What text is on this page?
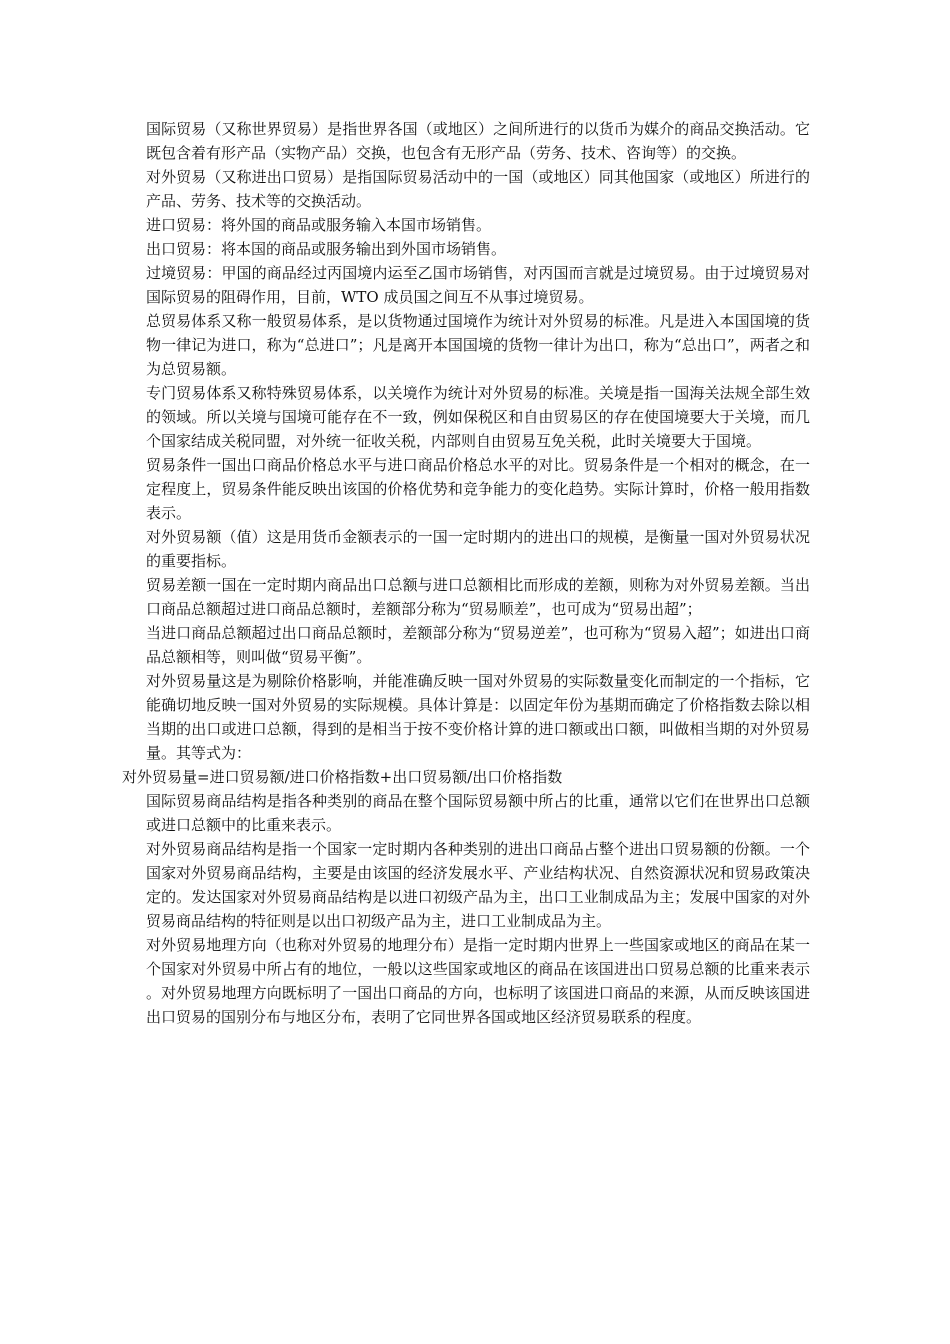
国际贸易（又称世界贸易）是指世界各国（或地区）之间所进行的以货币为媒介的商品交换活动。它既包含着有形产品（实物产品）交换，也包含有无形产品（劳务、技术、咨询等）的交换。

对外贸易（又称进出口贸易）是指国际贸易活动中的一国（或地区）同其他国家（或地区）所进行的产品、劳务、技术等的交换活动。

进口贸易：将外国的商品或服务输入本国市场销售。

出口贸易：将本国的商品或服务输出到外国市场销售。

过境贸易：甲国的商品经过丙国境内运至乙国市场销售，对丙国而言就是过境贸易。由于过境贸易对国际贸易的阻碍作用，目前，WTO 成员国之间互不从事过境贸易。

总贸易体系又称一般贸易体系，是以货物通过国境作为统计对外贸易的标准。凡是进入本国国境的货物一律记为进口，称为“总进口”；凡是离开本国国境的货物一律计为出口，称为“总出口”，两者之和为总贸易额。

专门贸易体系又称特殊贸易体系，以关境作为统计对外贸易的标准。关境是指一国海关法规全部生效的领域。所以关境与国境可能存在不一致，例如保税区和自由贸易区的存在使国境要大于关境，而几个国家结成关税同盟，对外统一征收关税，内部则自由贸易互免关税，此时关境要大于国境。

贸易条件一国出口商品价格总水平与进口商品价格总水平的对比。贸易条件是一个相对的概念，在一定程度上，贸易条件能反映出该国的价格优势和竞争能力的变化趋势。实际计算时，价格一般用指数表示。

对外贸易额（值）这是用货币金额表示的一国一定时期内的进出口的规模，是衡量一国对外贸易状况的重要指标。

贸易差额一国在一定时期内商品出口总额与进口总额相比而形成的差额，则称为对外贸易差额。当出口商品总额超过进口商品总额时，差额部分称为“贸易顺差”，也可成为“贸易出超”；

当进口商品总额超过出口商品总额时，差额部分称为“贸易逆差”，也可称为“贸易入超”；如进出口商品总额相等，则叫做“贸易平衡”。

对外贸易量这是为剔除价格影响，并能准确反映一国对外贸易的实际数量变化而制定的一个指标，它能确切地反映一国对外贸易的实际规模。具体计算是：以固定年份为基期而确定了价格指数去除以相当期的出口或进口总额，得到的是相当于按不变价格计算的进口额或出口额，叫做相当期的对外贸易量。其等式为：

对外贸易量=进口贸易额/进口价格指数+出口贸易额/出口价格指数

国际贸易商品结构是指各种类别的商品在整个国际贸易额中所占的比重，通常以它们在世界出口总额或进口总额中的比重来表示。

对外贸易商品结构是指一个国家一定时期内各种类别的进出口商品占整个进出口贸易额的份额。一个国家对外贸易商品结构，主要是由该国的经济发展水平、产业结构状况、自然资源状况和贸易政策决定的。发达国家对外贸易商品结构是以进口初级产品为主，出口工业制成品为主；发展中国家的对外贸易商品结构的特征则是以出口初级产品为主，进口工业制成品为主。

对外贸易地理方向（也称对外贸易的地理分布）是指一定时期内世界上一些国家或地区的商品在某一个国家对外贸易中所占有的地位，一般以这些国家或地区的商品在该国进出口贸易总额的比重来表示 。对外贸易地理方向既标明了一国出口商品的方向，也标明了该国进口商品的来源，从而反映该国进出口贸易的国别分布与地区分布，表明了它同世界各国或地区经济贸易联系的程度。
